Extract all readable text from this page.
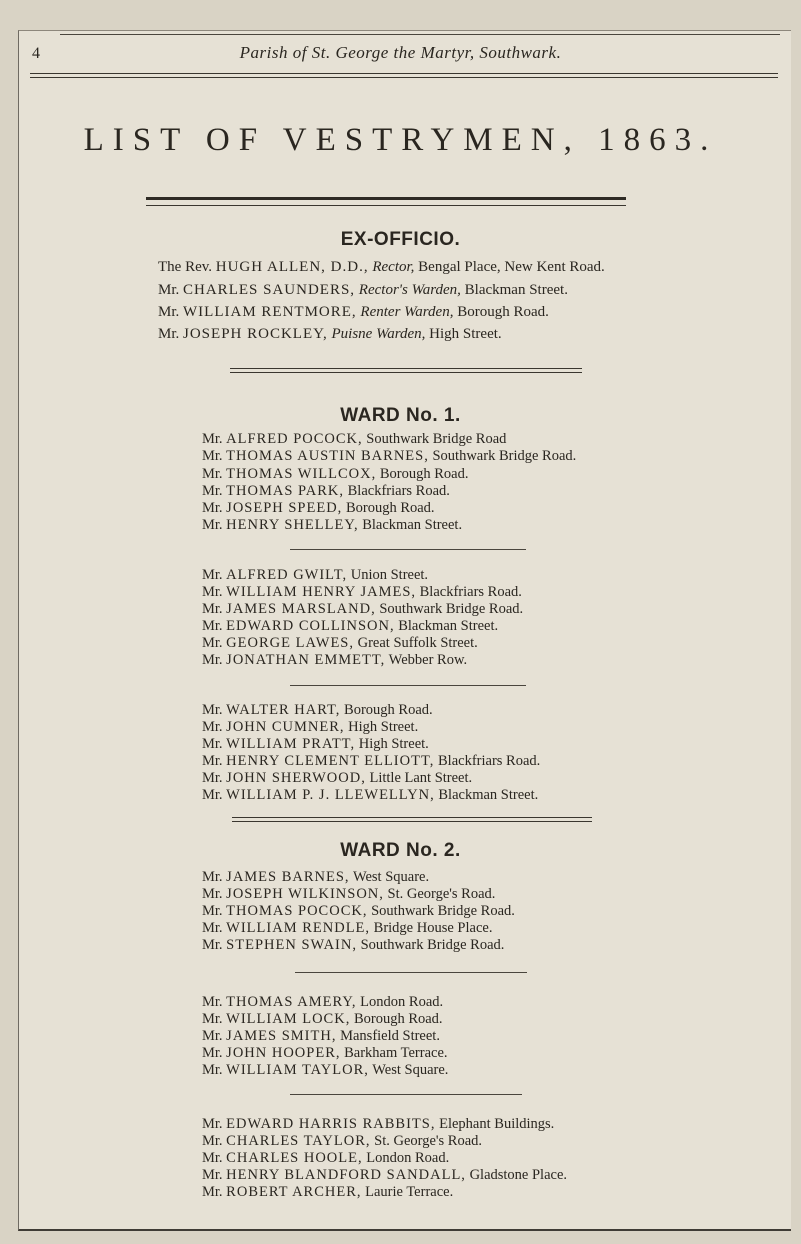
4	Parish of St. George the Martyr, Southwark.
LIST OF VESTRYMEN, 1863.
EX-OFFICIO.
The Rev. HUGH ALLEN, D.D., Rector, Bengal Place, New Kent Road.
Mr. CHARLES SAUNDERS, Rector's Warden, Blackman Street.
Mr. WILLIAM RENTMORE, Renter Warden, Borough Road.
Mr. JOSEPH ROCKLEY, Puisne Warden, High Street.
WARD No. 1.
Mr. ALFRED POCOCK, Southwark Bridge Road
Mr. THOMAS AUSTIN BARNES, Southwark Bridge Road.
Mr. THOMAS WILLCOX, Borough Road.
Mr. THOMAS PARK, Blackfriars Road.
Mr. JOSEPH SPEED, Borough Road.
Mr. HENRY SHELLEY, Blackman Street.
Mr. ALFRED GWILT, Union Street.
Mr. WILLIAM HENRY JAMES, Blackfriars Road.
Mr. JAMES MARSLAND, Southwark Bridge Road.
Mr. EDWARD COLLINSON, Blackman Street.
Mr. GEORGE LAWES, Great Suffolk Street.
Mr. JONATHAN EMMETT, Webber Row.
Mr. WALTER HART, Borough Road.
Mr. JOHN CUMNER, High Street.
Mr. WILLIAM PRATT, High Street.
Mr. HENRY CLEMENT ELLIOTT, Blackfriars Road.
Mr. JOHN SHERWOOD, Little Lant Street.
Mr. WILLIAM P. J. LLEWELLYN, Blackman Street.
WARD No. 2.
Mr. JAMES BARNES, West Square.
Mr. JOSEPH WILKINSON, St. George's Road.
Mr. THOMAS POCOCK, Southwark Bridge Road.
Mr. WILLIAM RENDLE, Bridge House Place.
Mr. STEPHEN SWAIN, Southwark Bridge Road.
Mr. THOMAS AMERY, London Road.
Mr. WILLIAM LOCK, Borough Road.
Mr. JAMES SMITH, Mansfield Street.
Mr. JOHN HOOPER, Barkham Terrace.
Mr. WILLIAM TAYLOR, West Square.
Mr. EDWARD HARRIS RABBITS, Elephant Buildings.
Mr. CHARLES TAYLOR, St. George's Road.
Mr. CHARLES HOOLE, London Road.
Mr. HENRY BLANDFORD SANDALL, Gladstone Place.
Mr. ROBERT ARCHER, Laurie Terrace.
